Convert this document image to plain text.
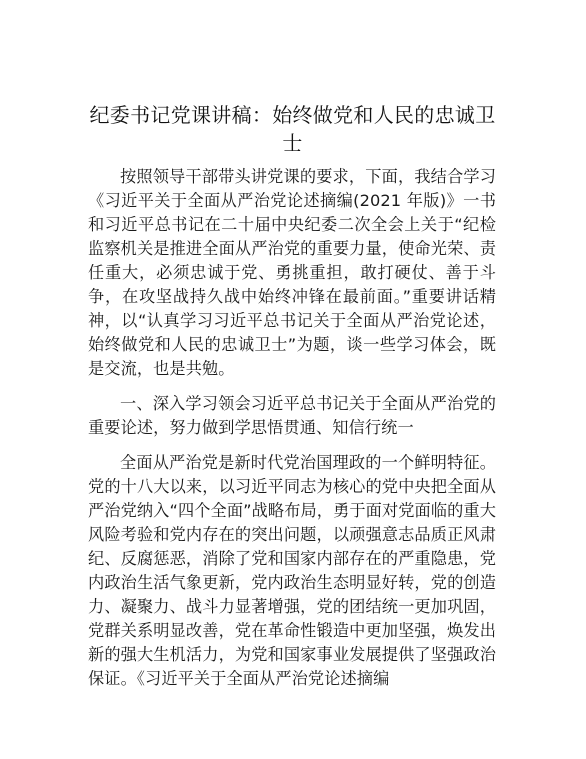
纪委书记党课讲稿：始终做党和人民的忠诚卫士

按照领导干部带头讲党课的要求，下面，我结合学习《习近平关于全面从严治党论述摘编(2021 年版)》一书和习近平总书记在二十届中央纪委二次全会上关于“纪检监察机关是推进全面从严治党的重要力量，使命光荣、责任重大，必须忠诚于党、勇挑重担，敢打硬仗、善于斗争，在攻坚战持久战中始终冲锋在最前面。”重要讲话精神，以“认真学习习近平总书记关于全面从严治党论述，始终做党和人民的忠诚卫士”为题，谈一些学习体会，既是交流，也是共勉。

一、深入学习领会习近平总书记关于全面从严治党的重要论述，努力做到学思悟贯通、知信行统一

全面从严治党是新时代党治国理政的一个鲜明特征。党的十八大以来，以习近平同志为核心的党中央把全面从严治党纳入“四个全面”战略布局，勇于面对党面临的重大风险考验和党内存在的突出问题，以顽强意志品质正风肃纪、反腐惩恶，消除了党和国家内部存在的严重隐患，党内政治生活气象更新，党内政治生态明显好转，党的创造力、凝聚力、战斗力显著增强，党的团结统一更加巩固，党群关系明显改善，党在革命性锻造中更加坚强，焕发出新的强大生机活力，为党和国家事业发展提供了坚强政治保证。《习近平关于全面从严治党论述摘编
